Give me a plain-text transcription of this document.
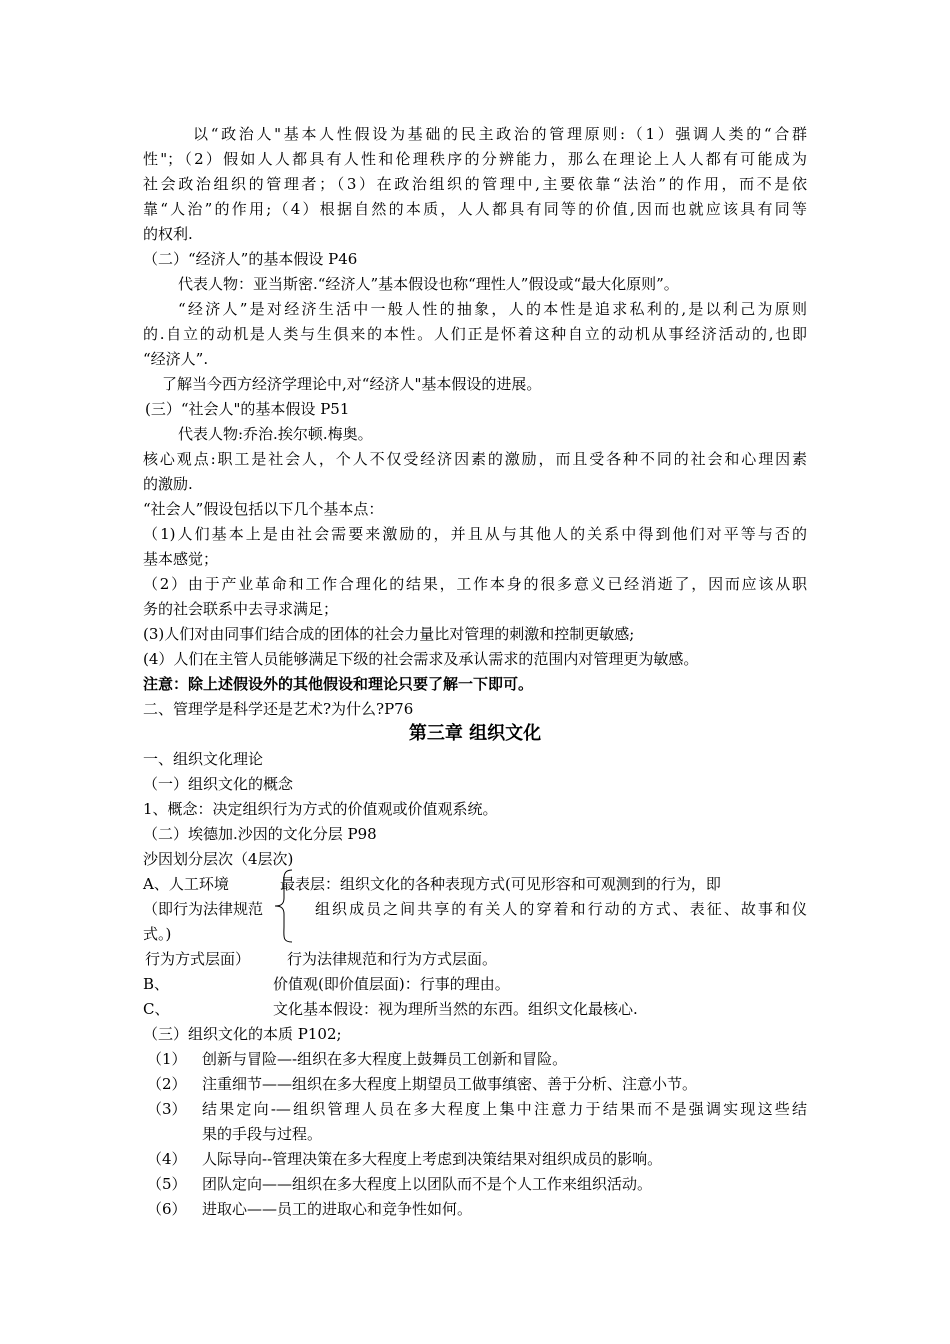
以“政治人"基本人性假设为基础的民主政治的管理原则:（1）强调人类的“合群
性"；（2）假如人人都具有人性和伦理秩序的分辨能力，那么在理论上人人都有可能成为
社会政治组织的管理者；（3）在政治组织的管理中,主要依靠“法治”的作用，而不是依
靠“人治”的作用;（4）根据自然的本质，人人都具有同等的价值,因而也就应该具有同等
的权利.
（二）“经济人”的基本假设 P46
代表人物：亚当斯密.“经济人”基本假设也称“理性人”假设或“最大化原则”。
“经济人”是对经济生活中一般人性的抽象，人的本性是追求私利的,是以利己为原则
的.自立的动机是人类与生俱来的本性。人们正是怀着这种自立的动机从事经济活动的,也即
“经济人”.
了解当今西方经济学理论中,对“经济人"基本假设的进展。
(三）“社会人"的基本假设 P51
代表人物:乔治.挨尔顿.梅奥。
核心观点:职工是社会人，个人不仅受经济因素的激励，而且受各种不同的社会和心理因素
的激励.
“社会人”假设包括以下几个基本点：
（1)人们基本上是由社会需要来激励的，并且从与其他人的关系中得到他们对平等与否的
基本感觉；
（2）由于产业革命和工作合理化的结果，工作本身的很多意义已经消逝了，因而应该从职
务的社会联系中去寻求满足；
(3)人们对由同事们结合成的团体的社会力量比对管理的刺激和控制更敏感;
(4）人们在主管人员能够满足下级的社会需求及承认需求的范围内对管理更为敏感。
注意：除上述假设外的其他假设和理论只要了解一下即可。
二、管理学是科学还是艺术?为什么?P76
第三章 组织文化
一、组织文化理论
（一）组织文化的概念
1、概念：决定组织行为方式的价值观或价值观系统。
（二）埃德加.沙因的文化分层 P98
沙因划分层次（4层次)
A、人工环境	最表层：组织文化的各种表现方式(可见形容和可观测到的行为，即
（即行为法律规范	组织成员之间共享的有关人的穿着和行动的方式、表征、故事和仪
式。)
行为方式层面） 行为法律规范和行为方式层面。
B、	价值观(即价值层面)：行事的理由。
C、	文化基本假设：视为理所当然的东西。组织文化最核心.
（三）组织文化的本质 P102;
（1） 创新与冒险—-组织在多大程度上鼓舞员工创新和冒险。
（2） 注重细节——组织在多大程度上期望员工做事缜密、善于分析、注意小节。
（3） 结果定向-—组织管理人员在多大程度上集中注意力于结果而不是强调实现这些结
果的手段与过程。
（4） 人际导向--管理决策在多大程度上考虑到决策结果对组织成员的影响。
（5） 团队定向——组织在多大程度上以团队而不是个人工作来组织活动。
（6） 进取心——员工的进取心和竞争性如何。
